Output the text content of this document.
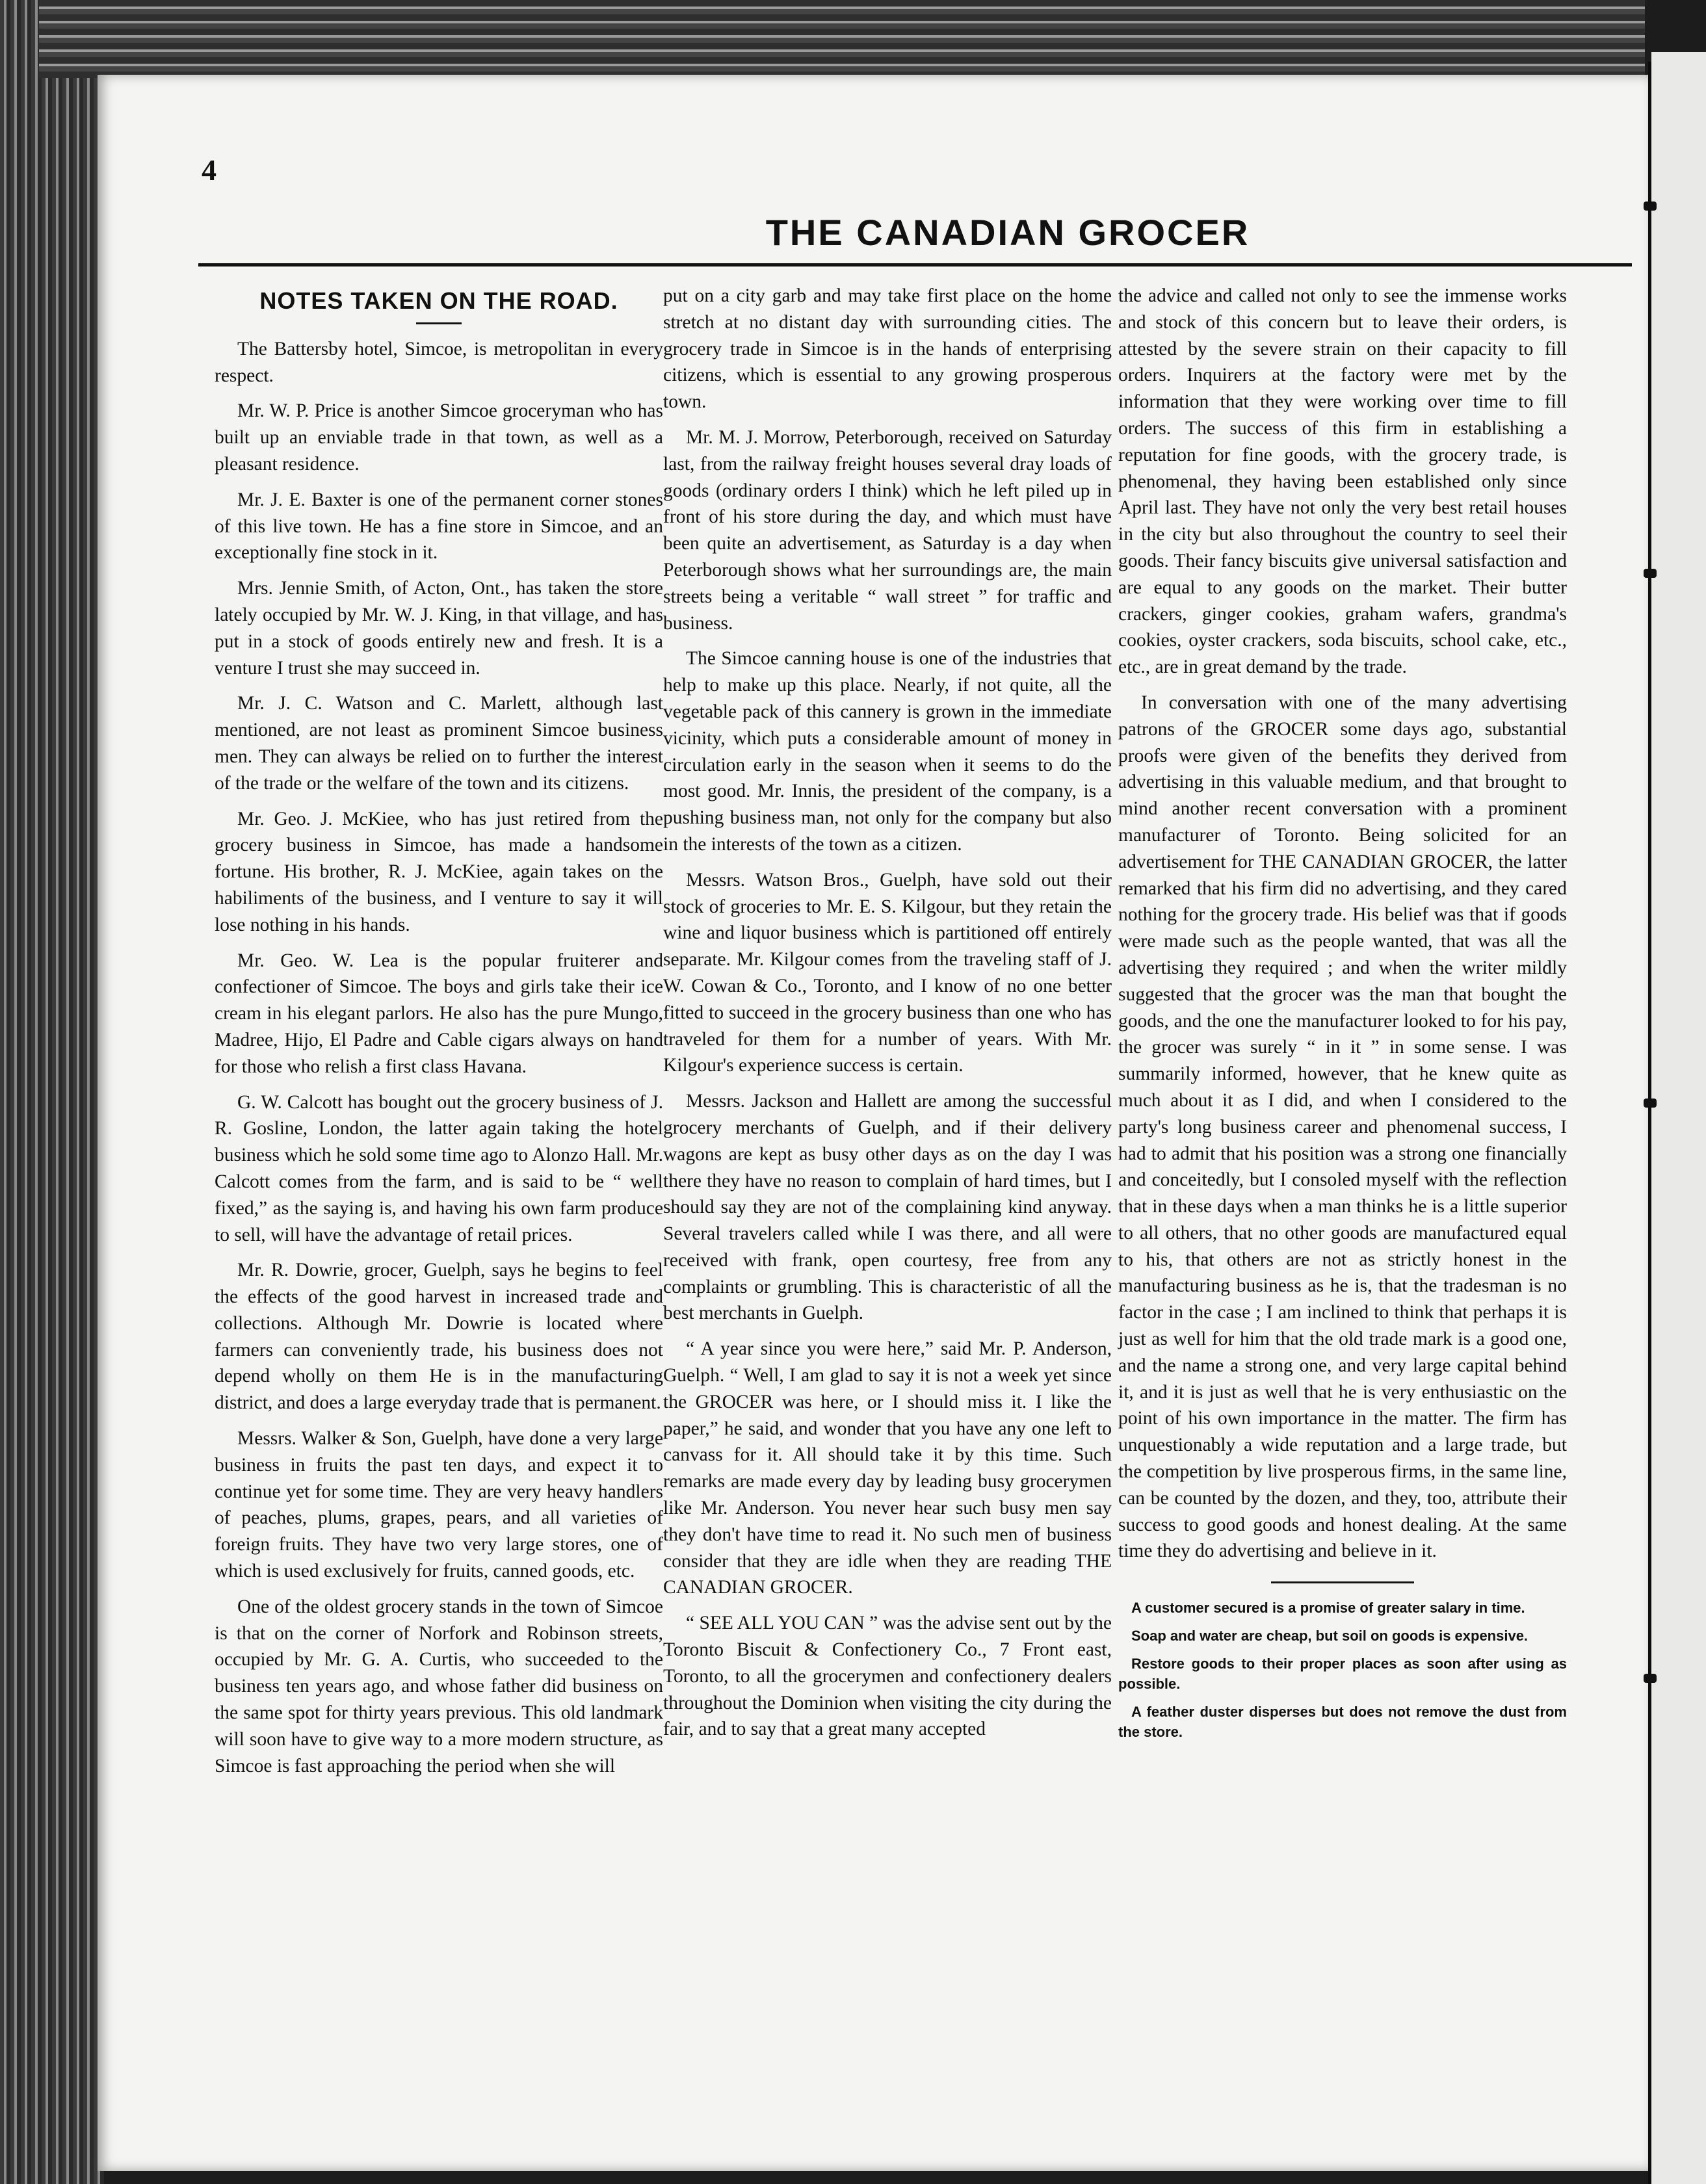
4
THE CANADIAN GROCER
NOTES TAKEN ON THE ROAD.

The Battersby hotel, Simcoe, is metropolitan in every respect.

Mr. W. P. Price is another Simcoe groceryman who has built up an enviable trade in that town, as well as a pleasant residence.

Mr. J. E. Baxter is one of the permanent corner stones of this live town. He has a fine store in Simcoe, and an exceptionally fine stock in it.

Mrs. Jennie Smith, of Acton, Ont., has taken the store lately occupied by Mr. W. J. King, in that village, and has put in a stock of goods entirely new and fresh. It is a venture I trust she may succeed in.

Mr. J. C. Watson and C. Marlett, although last mentioned, are not least as prominent Simcoe business men. They can always be relied on to further the interest of the trade or the welfare of the town and its citizens.

Mr. Geo. J. McKiee, who has just retired from the grocery business in Simcoe, has made a handsome fortune. His brother, R. J. McKiee, again takes on the habiliments of the business, and I venture to say it will lose nothing in his hands.

Mr. Geo. W. Lea is the popular fruiterer and confectioner of Simcoe. The boys and girls take their ice cream in his elegant parlors. He also has the pure Mungo, Madree, Hijo, El Padre and Cable cigars always on hand for those who relish a first class Havana.

G. W. Calcott has bought out the grocery business of J. R. Gosline, London, the latter again taking the hotel business which he sold some time ago to Alonzo Hall. Mr. Calcott comes from the farm, and is said to be “ well fixed,” as the saying is, and having his own farm produce to sell, will have the advantage of retail prices.

Mr. R. Dowrie, grocer, Guelph, says he begins to feel the effects of the good harvest in increased trade and collections. Although Mr. Dowrie is located where farmers can conveniently trade, his business does not depend wholly on them He is in the manufacturing district, and does a large everyday trade that is permanent.

Messrs. Walker & Son, Guelph, have done a very large business in fruits the past ten days, and expect it to continue yet for some time. They are very heavy handlers of peaches, plums, grapes, pears, and all varieties of foreign fruits. They have two very large stores, one of which is used exclusively for fruits, canned goods, etc.

One of the oldest grocery stands in the town of Simcoe is that on the corner of Norfork and Robinson streets, occupied by Mr. G. A. Curtis, who succeeded to the business ten years ago, and whose father did business on the same spot for thirty years previous. This old landmark will soon have to give way to a more modern structure, as Simcoe is fast approaching the period when she will

put on a city garb and may take first place on the home stretch at no distant day with surrounding cities. The grocery trade in Simcoe is in the hands of enterprising citizens, which is essential to any growing prosperous town.

Mr. M. J. Morrow, Peterborough, received on Saturday last, from the railway freight houses several dray loads of goods (ordinary orders I think) which he left piled up in front of his store during the day, and which must have been quite an advertisement, as Saturday is a day when Peterborough shows what her surroundings are, the main streets being a veritable “ wall street ” for traffic and business.

The Simcoe canning house is one of the industries that help to make up this place. Nearly, if not quite, all the vegetable pack of this cannery is grown in the immediate vicinity, which puts a considerable amount of money in circulation early in the season when it seems to do the most good. Mr. Innis, the president of the company, is a pushing business man, not only for the company but also in the interests of the town as a citizen.

Messrs. Watson Bros., Guelph, have sold out their stock of groceries to Mr. E. S. Kilgour, but they retain the wine and liquor business which is partitioned off entirely separate. Mr. Kilgour comes from the traveling staff of J. W. Cowan & Co., Toronto, and I know of no one better fitted to succeed in the grocery business than one who has traveled for them for a number of years. With Mr. Kilgour's experience success is certain.

Messrs. Jackson and Hallett are among the successful grocery merchants of Guelph, and if their delivery wagons are kept as busy other days as on the day I was there they have no reason to complain of hard times, but I should say they are not of the complaining kind anyway. Several travelers called while I was there, and all were received with frank, open courtesy, free from any complaints or grumbling. This is characteristic of all the best merchants in Guelph.

“ A year since you were here,” said Mr. P. Anderson, Guelph. “ Well, I am glad to say it is not a week yet since the GROCER was here, or I should miss it. I like the paper,” he said, and wonder that you have any one left to canvass for it. All should take it by this time. Such remarks are made every day by leading busy grocerymen like Mr. Anderson. You never hear such busy men say they don't have time to read it. No such men of business consider that they are idle when they are reading THE CANADIAN GROCER.

“ SEE ALL YOU CAN ” was the advise sent out by the Toronto Biscuit & Confectionery Co., 7 Front east, Toronto, to all the grocerymen and confectionery dealers throughout the Dominion when visiting the city during the fair, and to say that a great many accepted

the advice and called not only to see the immense works and stock of this concern but to leave their orders, is attested by the severe strain on their capacity to fill orders. Inquirers at the factory were met by the information that they were working over time to fill orders. The success of this firm in establishing a reputation for fine goods, with the grocery trade, is phenomenal, they having been established only since April last. They have not only the very best retail houses in the city but also throughout the country to seel their goods. Their fancy biscuits give universal satisfaction and are equal to any goods on the market. Their butter crackers, ginger cookies, graham wafers, grandma's cookies, oyster crackers, soda biscuits, school cake, etc., etc., are in great demand by the trade.

In conversation with one of the many advertising patrons of the GROCER some days ago, substantial proofs were given of the benefits they derived from advertising in this valuable medium, and that brought to mind another recent conversation with a prominent manufacturer of Toronto. Being solicited for an advertisement for THE CANADIAN GROCER, the latter remarked that his firm did no advertising, and they cared nothing for the grocery trade. His belief was that if goods were made such as the people wanted, that was all the advertising they required ; and when the writer mildly suggested that the grocer was the man that bought the goods, and the one the manufacturer looked to for his pay, the grocer was surely “ in it ” in some sense. I was summarily informed, however, that he knew quite as much about it as I did, and when I considered to the party's long business career and phenomenal success, I had to admit that his position was a strong one financially and conceitedly, but I consoled myself with the reflection that in these days when a man thinks he is a little superior to all others, that no other goods are manufactured equal to his, that others are not as strictly honest in the manufacturing business as he is, that the tradesman is no factor in the case ; I am inclined to think that perhaps it is just as well for him that the old trade mark is a good one, and the name a strong one, and very large capital behind it, and it is just as well that he is very enthusiastic on the point of his own importance in the matter. The firm has unquestionably a wide reputation and a large trade, but the competition by live prosperous firms, in the same line, can be counted by the dozen, and they, too, attribute their success to good goods and honest dealing. At the same time they do advertising and believe in it.

A customer secured is a promise of greater salary in time.

Soap and water are cheap, but soil on goods is expensive.

Restore goods to their proper places as soon after using as possible.

A feather duster disperses but does not remove the dust from the store.
